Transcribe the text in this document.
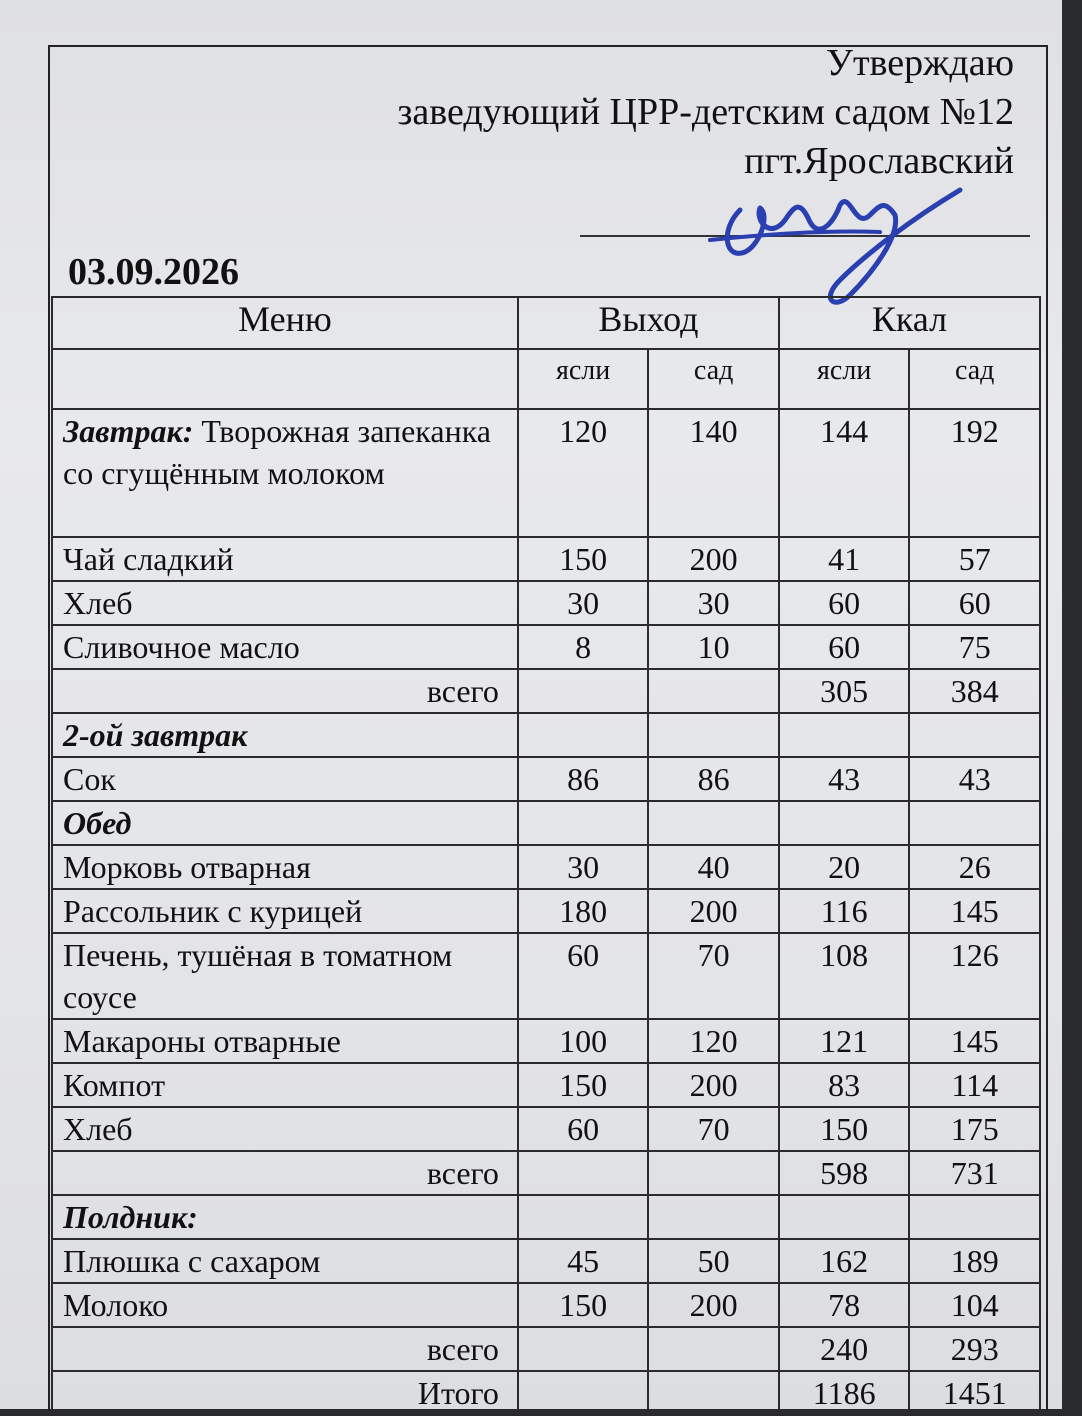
Утверждаю
заведующий ЦРР-детским садом №12
пгт.Ярославский
03.09.2026
Меню	Выход		Ккал	
	ясли	сад	ясли	сад
Завтрак: Творожная запеканка со сгущённым молоком	120	140	144	192
Чай сладкий	150	200	41	57
Хлеб	30	30	60	60
Сливочное масло	8	10	60	75
всего			305	384
2-ой завтрак				
Сок	86	86	43	43
Обед				
Морковь отварная	30	40	20	26
Рассольник с курицей	180	200	116	145
Печень, тушёная в томатном соусе	60	70	108	126
Макароны отварные	100	120	121	145
Компот	150	200	83	114
Хлеб	60	70	150	175
всего			598	731
Полдник:				
Плюшка с сахаром	45	50	162	189
Молоко	150	200	78	104
всего			240	293
Итого			1186	1451
